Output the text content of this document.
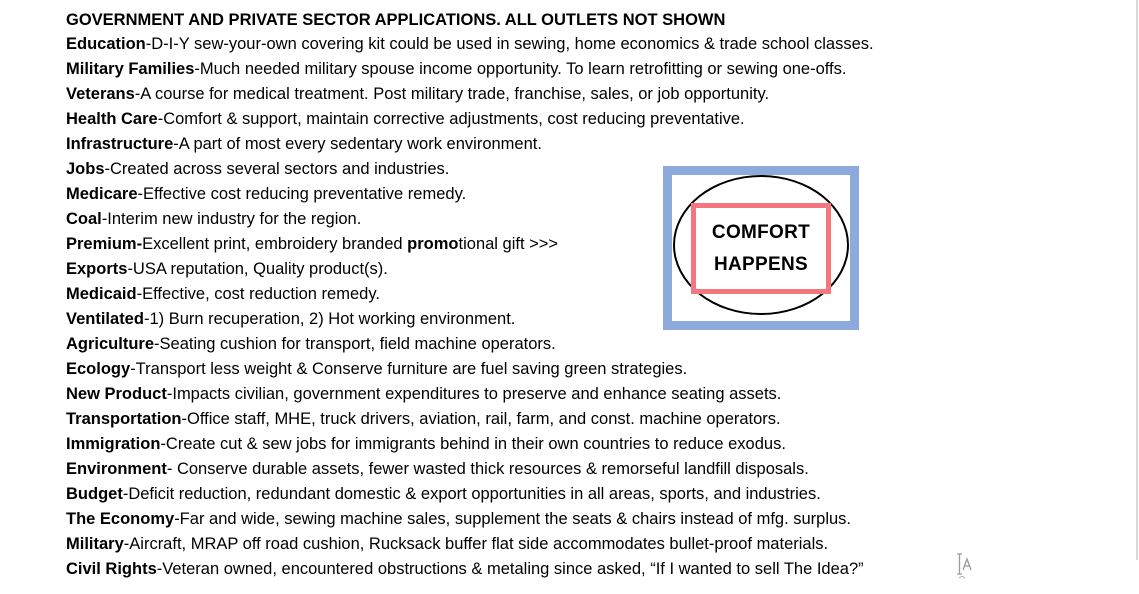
GOVERNMENT AND PRIVATE SECTOR APPLICATIONS. ALL OUTLETS NOT SHOWN
Education-D-I-Y sew-your-own covering kit could be used in sewing, home economics & trade school classes.
Military Families-Much needed military spouse income opportunity. To learn retrofitting or sewing one-offs.
Veterans-A course for medical treatment. Post military trade, franchise, sales, or job opportunity.
Health Care-Comfort & support, maintain corrective adjustments, cost reducing preventative.
Infrastructure-A part of most every sedentary work environment.
Jobs-Created across several sectors and industries.
Medicare-Effective cost reducing preventative remedy.
Coal-Interim new industry for the region.
Premium-Excellent print, embroidery branded promotional gift >>>
Exports-USA reputation, Quality product(s).
Medicaid-Effective, cost reduction remedy.
Ventilated-1) Burn recuperation, 2) Hot working environment.
Agriculture-Seating cushion for transport, field machine operators.
Ecology-Transport less weight & Conserve furniture are fuel saving green strategies.
New Product-Impacts civilian, government expenditures to preserve and enhance seating assets.
Transportation-Office staff, MHE, truck drivers, aviation, rail, farm, and const. machine operators.
Immigration-Create cut & sew jobs for immigrants behind in their own countries to reduce exodus.
Environment- Conserve durable assets, fewer wasted thick resources & remorseful landfill disposals.
Budget-Deficit reduction, redundant domestic & export opportunities in all areas, sports, and industries.
The Economy-Far and wide, sewing machine sales, supplement the seats & chairs instead of mfg. surplus.
Military-Aircraft, MRAP off road cushion, Rucksack buffer flat side accommodates bullet-proof materials.
Civil Rights-Veteran owned, encountered obstructions & metaling since asked, “If I wanted to sell The Idea?”
COMFORT
HAPPENS
